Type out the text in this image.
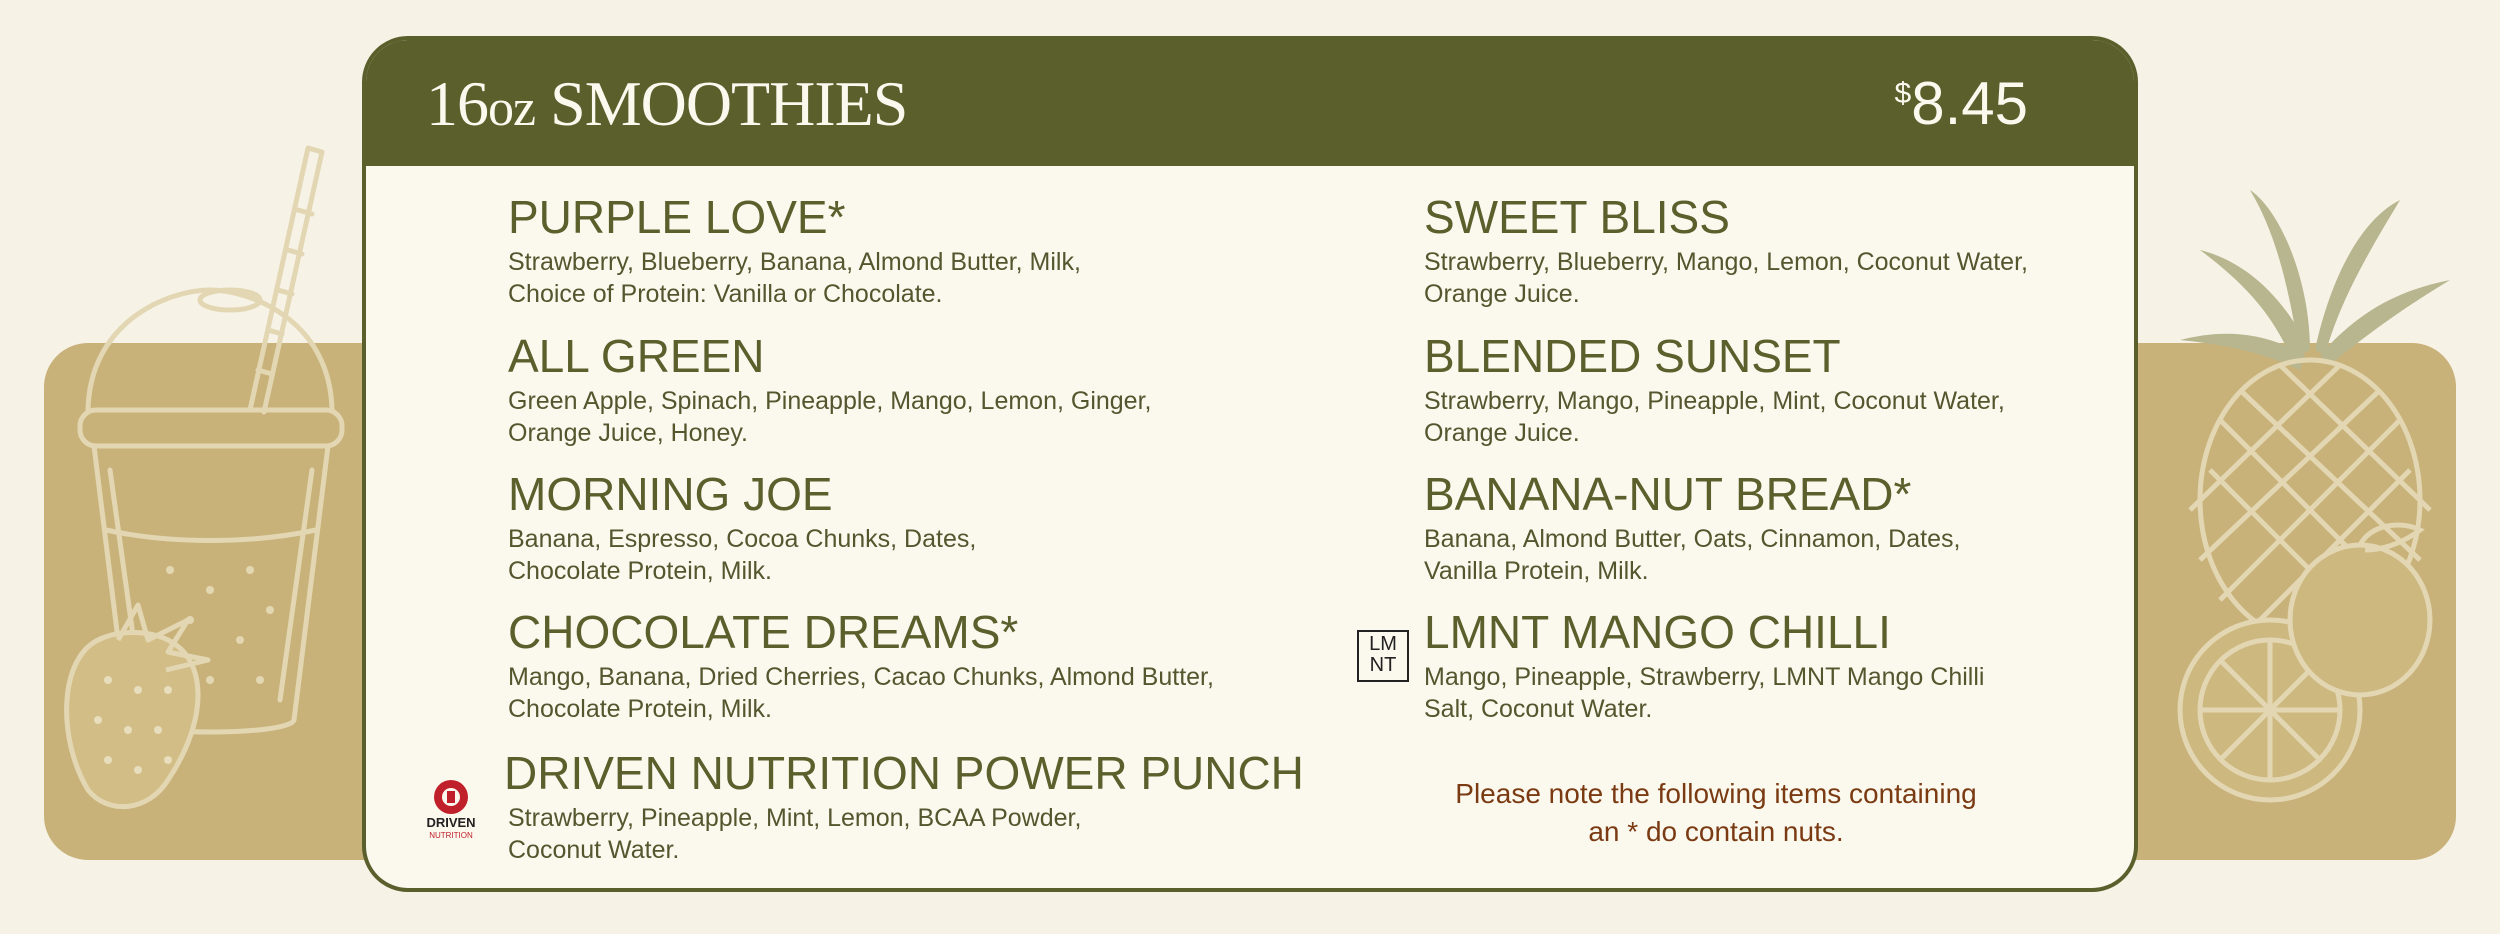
16oz SMOOTHIES	$8.45
PURPLE LOVE*
Strawberry, Blueberry, Banana, Almond Butter, Milk,
Choice of Protein: Vanilla or Chocolate.
ALL GREEN
Green Apple, Spinach, Pineapple, Mango, Lemon, Ginger,
Orange Juice, Honey.
MORNING JOE
Banana, Espresso, Cocoa Chunks, Dates,
Chocolate Protein, Milk.
CHOCOLATE DREAMS*
Mango, Banana, Dried Cherries, Cacao Chunks, Almond Butter,
Chocolate Protein, Milk.
DRIVEN NUTRITION POWER PUNCH
Strawberry, Pineapple, Mint, Lemon, BCAA Powder,
Coconut Water.
SWEET BLISS
Strawberry, Blueberry, Mango, Lemon, Coconut Water,
Orange Juice.
BLENDED SUNSET
Strawberry, Mango, Pineapple, Mint, Coconut Water,
Orange Juice.
BANANA-NUT BREAD*
Banana, Almond Butter, Oats, Cinnamon, Dates,
Vanilla Protein, Milk.
LMNT MANGO CHILLI
Mango, Pineapple, Strawberry, LMNT Mango Chilli
Salt, Coconut Water.
LM
NT
DRIVEN
NUTRITION
Please note the following items containing
an * do contain nuts.
